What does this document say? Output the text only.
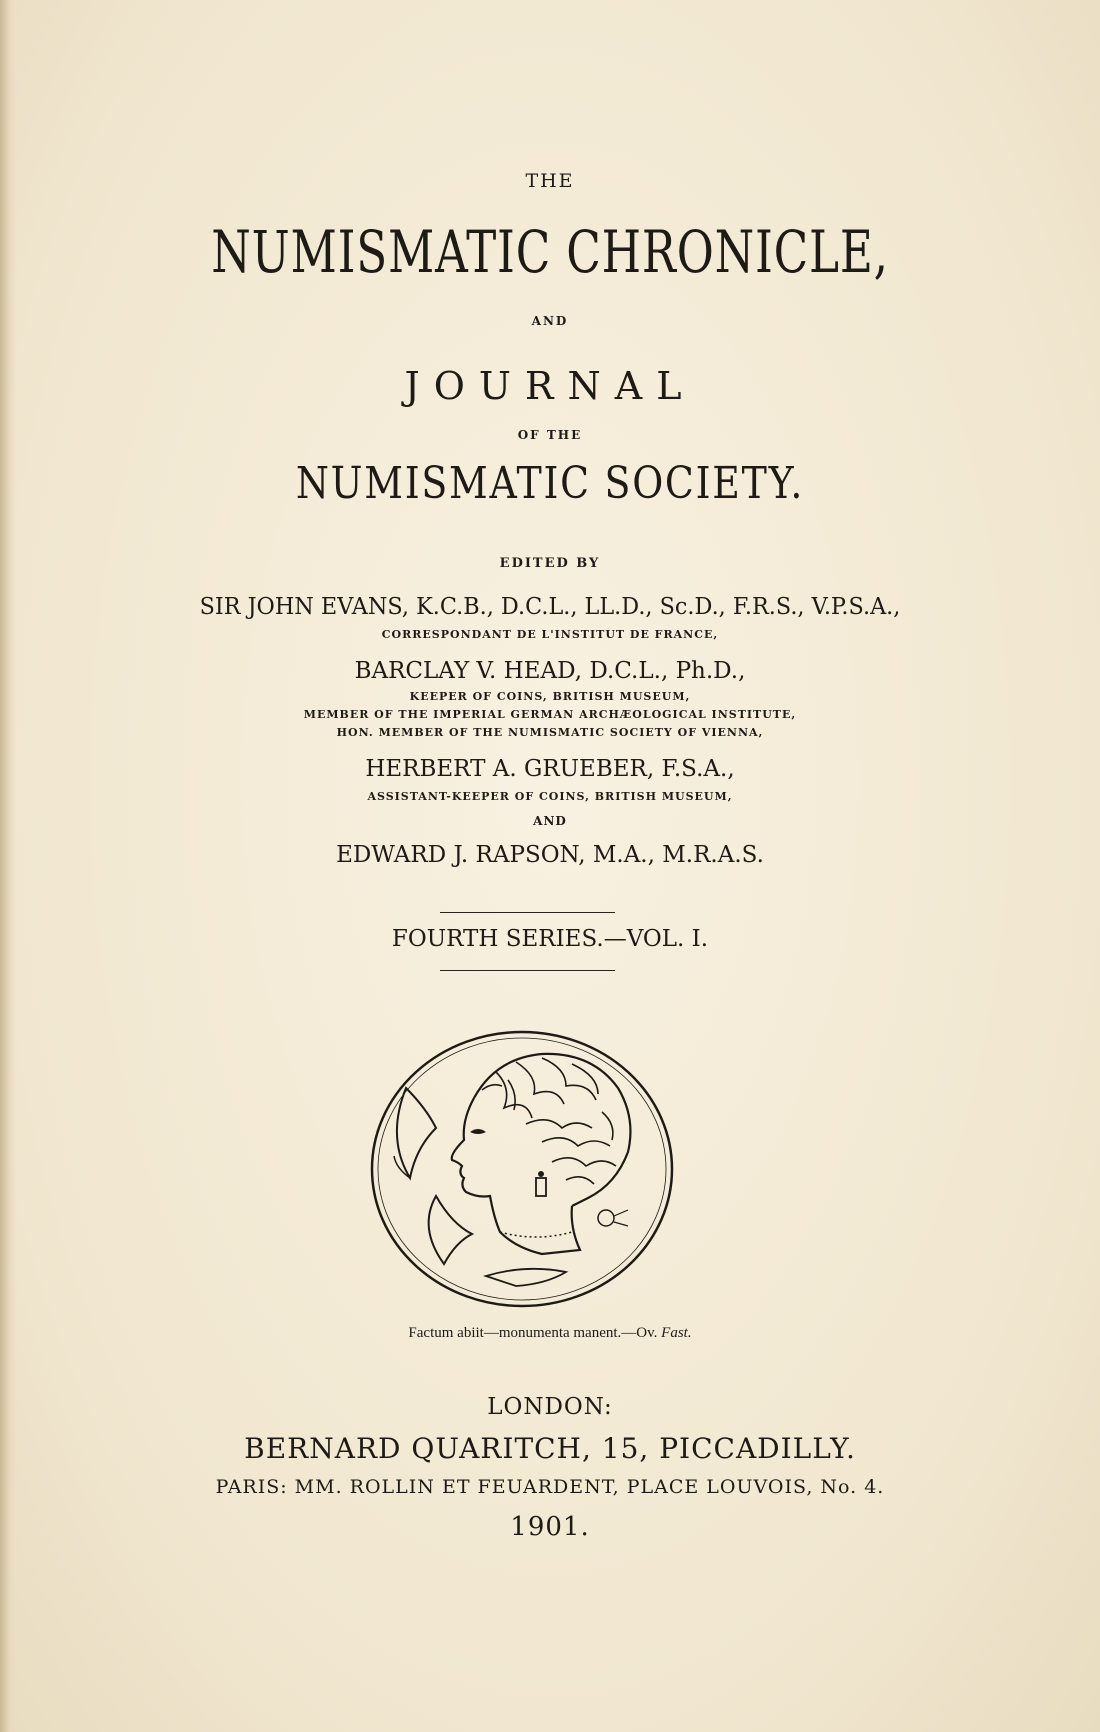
THE

NUMISMATIC CHRONICLE,

AND

JOURNAL

OF THE

NUMISMATIC SOCIETY.

EDITED BY

SIR JOHN EVANS, K.C.B., D.C.L., LL.D., Sc.D., F.R.S., V.P.S.A.,

CORRESPONDANT DE L'INSTITUT DE FRANCE,

BARCLAY V. HEAD, D.C.L., Ph.D.,

KEEPER OF COINS, BRITISH MUSEUM,

MEMBER OF THE IMPERIAL GERMAN ARCHÆOLOGICAL INSTITUTE,

HON. MEMBER OF THE NUMISMATIC SOCIETY OF VIENNA,

HERBERT A. GRUEBER, F.S.A.,

ASSISTANT-KEEPER OF COINS, BRITISH MUSEUM,

AND

EDWARD J. RAPSON, M.A., M.R.A.S.

FOURTH SERIES.—VOL. I.

Factum abiit—monumenta manent.—Ov. Fast.

LONDON:

BERNARD QUARITCH, 15, PICCADILLY.

PARIS: MM. ROLLIN ET FEUARDENT, PLACE LOUVOIS, No. 4.

1901.
